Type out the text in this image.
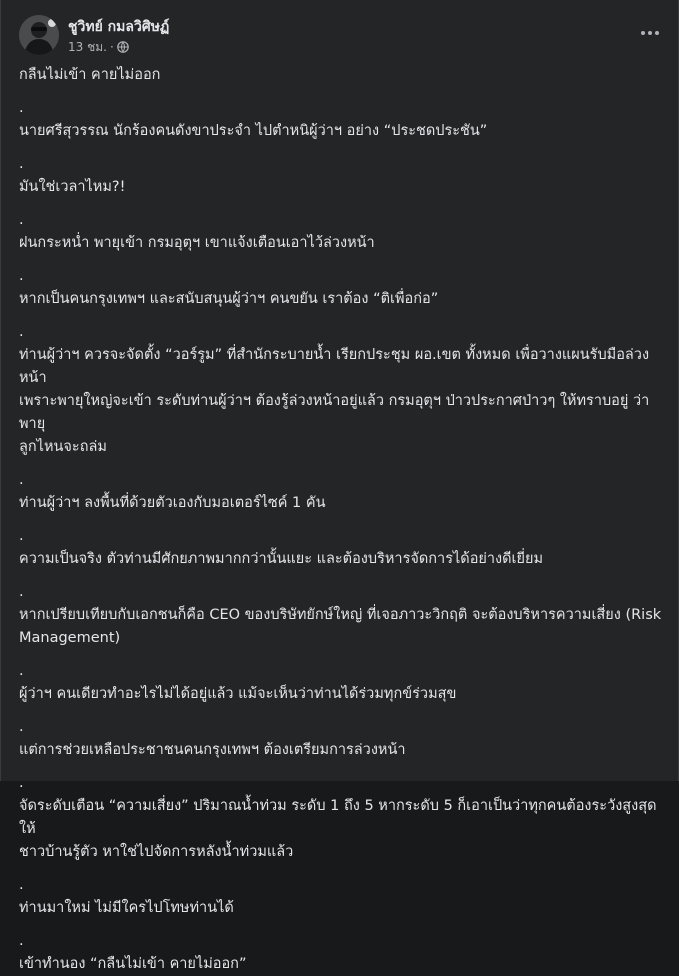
ชูวิทย์ กมลวิศิษฏ์
13 ชม. ·

กลืนไม่เข้า คายไม่ออก

.

นายศรีสุวรรณ นักร้องคนดังขาประจำ ไปตำหนิผู้ว่าฯ อย่าง “ประชดประชัน”

.

มันใช่เวลาไหม?!

.

ฝนกระหน่ำ พายุเข้า กรมอุตุฯ เขาแจ้งเตือนเอาไว้ล่วงหน้า

.

หากเป็นคนกรุงเทพฯ และสนับสนุนผู้ว่าฯ คนขยัน เราต้อง “ติเพื่อก่อ”

.

ท่านผู้ว่าฯ ควรจะจัดตั้ง “วอร์รูม” ที่สำนักระบายน้ำ เรียกประชุม ผอ.เขต ทั้งหมด เพื่อวางแผนรับมือล่วงหน้า
เพราะพายุใหญ่จะเข้า ระดับท่านผู้ว่าฯ ต้องรู้ล่วงหน้าอยู่แล้ว กรมอุตุฯ ป่าวประกาศป่าวๆ ให้ทราบอยู่ ว่าพายุ
ลูกไหนจะถล่ม

.

ท่านผู้ว่าฯ ลงพื้นที่ด้วยตัวเองกับมอเตอร์ไซค์ 1 คัน

.

ความเป็นจริง ตัวท่านมีศักยภาพมากกว่านั้นแยะ และต้องบริหารจัดการได้อย่างดีเยี่ยม

.

หากเปรียบเทียบกับเอกชนก็คือ CEO ของบริษัทยักษ์ใหญ่ ที่เจอภาวะวิกฤติ จะต้องบริหารความเสี่ยง (Risk
Management)

.

ผู้ว่าฯ คนเดียวทำอะไรไม่ได้อยู่แล้ว แม้จะเห็นว่าท่านได้ร่วมทุกข์ร่วมสุข

.

แต่การช่วยเหลือประชาชนคนกรุงเทพฯ ต้องเตรียมการล่วงหน้า

.

จัดระดับเตือน “ความเสี่ยง” ปริมาณน้ำท่วม ระดับ 1 ถึง 5 หากระดับ 5 ก็เอาเป็นว่าทุกคนต้องระวังสูงสุด ให้
ชาวบ้านรู้ตัว หาใช่ไปจัดการหลังน้ำท่วมแล้ว

.

ท่านมาใหม่ ไม่มีใครไปโทษท่านได้

.

เข้าทำนอง “กลืนไม่เข้า คายไม่ออก”
